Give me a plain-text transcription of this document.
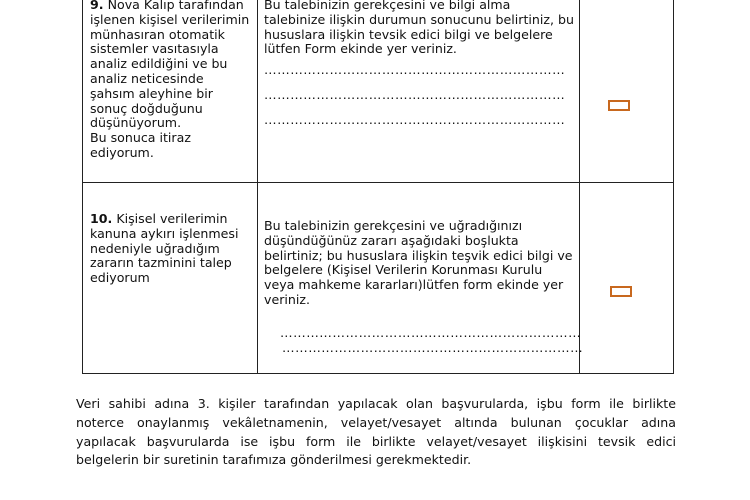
9. Nova Kalıp tarafından
işlenen kişisel verilerimin
münhasıran otomatik
sistemler vasıtasıyla
analiz edildiğini ve bu
analiz neticesinde
şahsım aleyhine bir
sonuç doğduğunu
düşünüyorum.
Bu sonuca itiraz
ediyorum.
Bu talebinizin gerekçesini ve bilgi alma
talebinize ilişkin durumun sonucunu belirtiniz, bu
hususlara ilişkin tevsik edici bilgi ve belgelere
lütfen Form ekinde yer veriniz.
……………………………………………………………
……………………………………………………………
……………………………………………………………
10. Kişisel verilerimin
kanuna aykırı işlenmesi
nedeniyle uğradığım
zararın tazminini talep
ediyorum
Bu talebinizin gerekçesini ve uğradığınızı
düşündüğünüz zararı aşağıdaki boşlukta
belirtiniz; bu hususlara ilişkin teşvik edici bilgi ve
belgelere (Kişisel Verilerin Korunması Kurulu
veya mahkeme kararları)lütfen form ekinde yer
veriniz.
……………………………………………………………
……………………………………………………………
Veri sahibi adına 3. kişiler tarafından yapılacak olan başvurularda, işbu form ile birlikte
noterce onaylanmış vekâletnamenin, velayet/vesayet altında bulunan çocuklar adına
yapılacak başvurularda ise işbu form ile birlikte velayet/vesayet ilişkisini tevsik edici
belgelerin bir suretinin tarafımıza gönderilmesi gerekmektedir.
